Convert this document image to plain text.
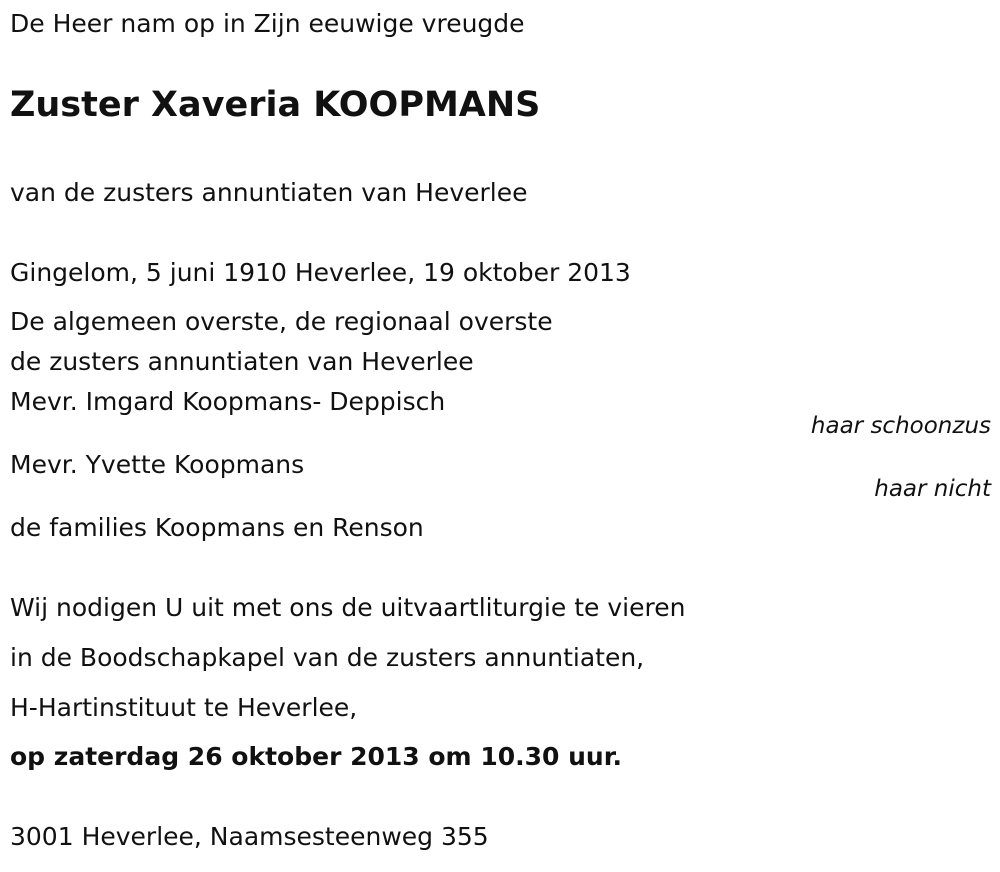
De Heer nam op in Zijn eeuwige vreugde
Zuster Xaveria KOOPMANS
van de zusters annuntiaten van Heverlee
Gingelom, 5 juni 1910 Heverlee, 19 oktober 2013
De algemeen overste, de regionaal overste
de zusters annuntiaten van Heverlee
Mevr. Imgard Koopmans- Deppisch
haar schoonzus
Mevr. Yvette Koopmans
haar nicht
de families Koopmans en Renson
Wij nodigen U uit met ons de uitvaartliturgie te vieren
in de Boodschapkapel van de zusters annuntiaten,
H-Hartinstituut te Heverlee,
op zaterdag 26 oktober 2013 om 10.30 uur.
3001 Heverlee, Naamsesteenweg 355
